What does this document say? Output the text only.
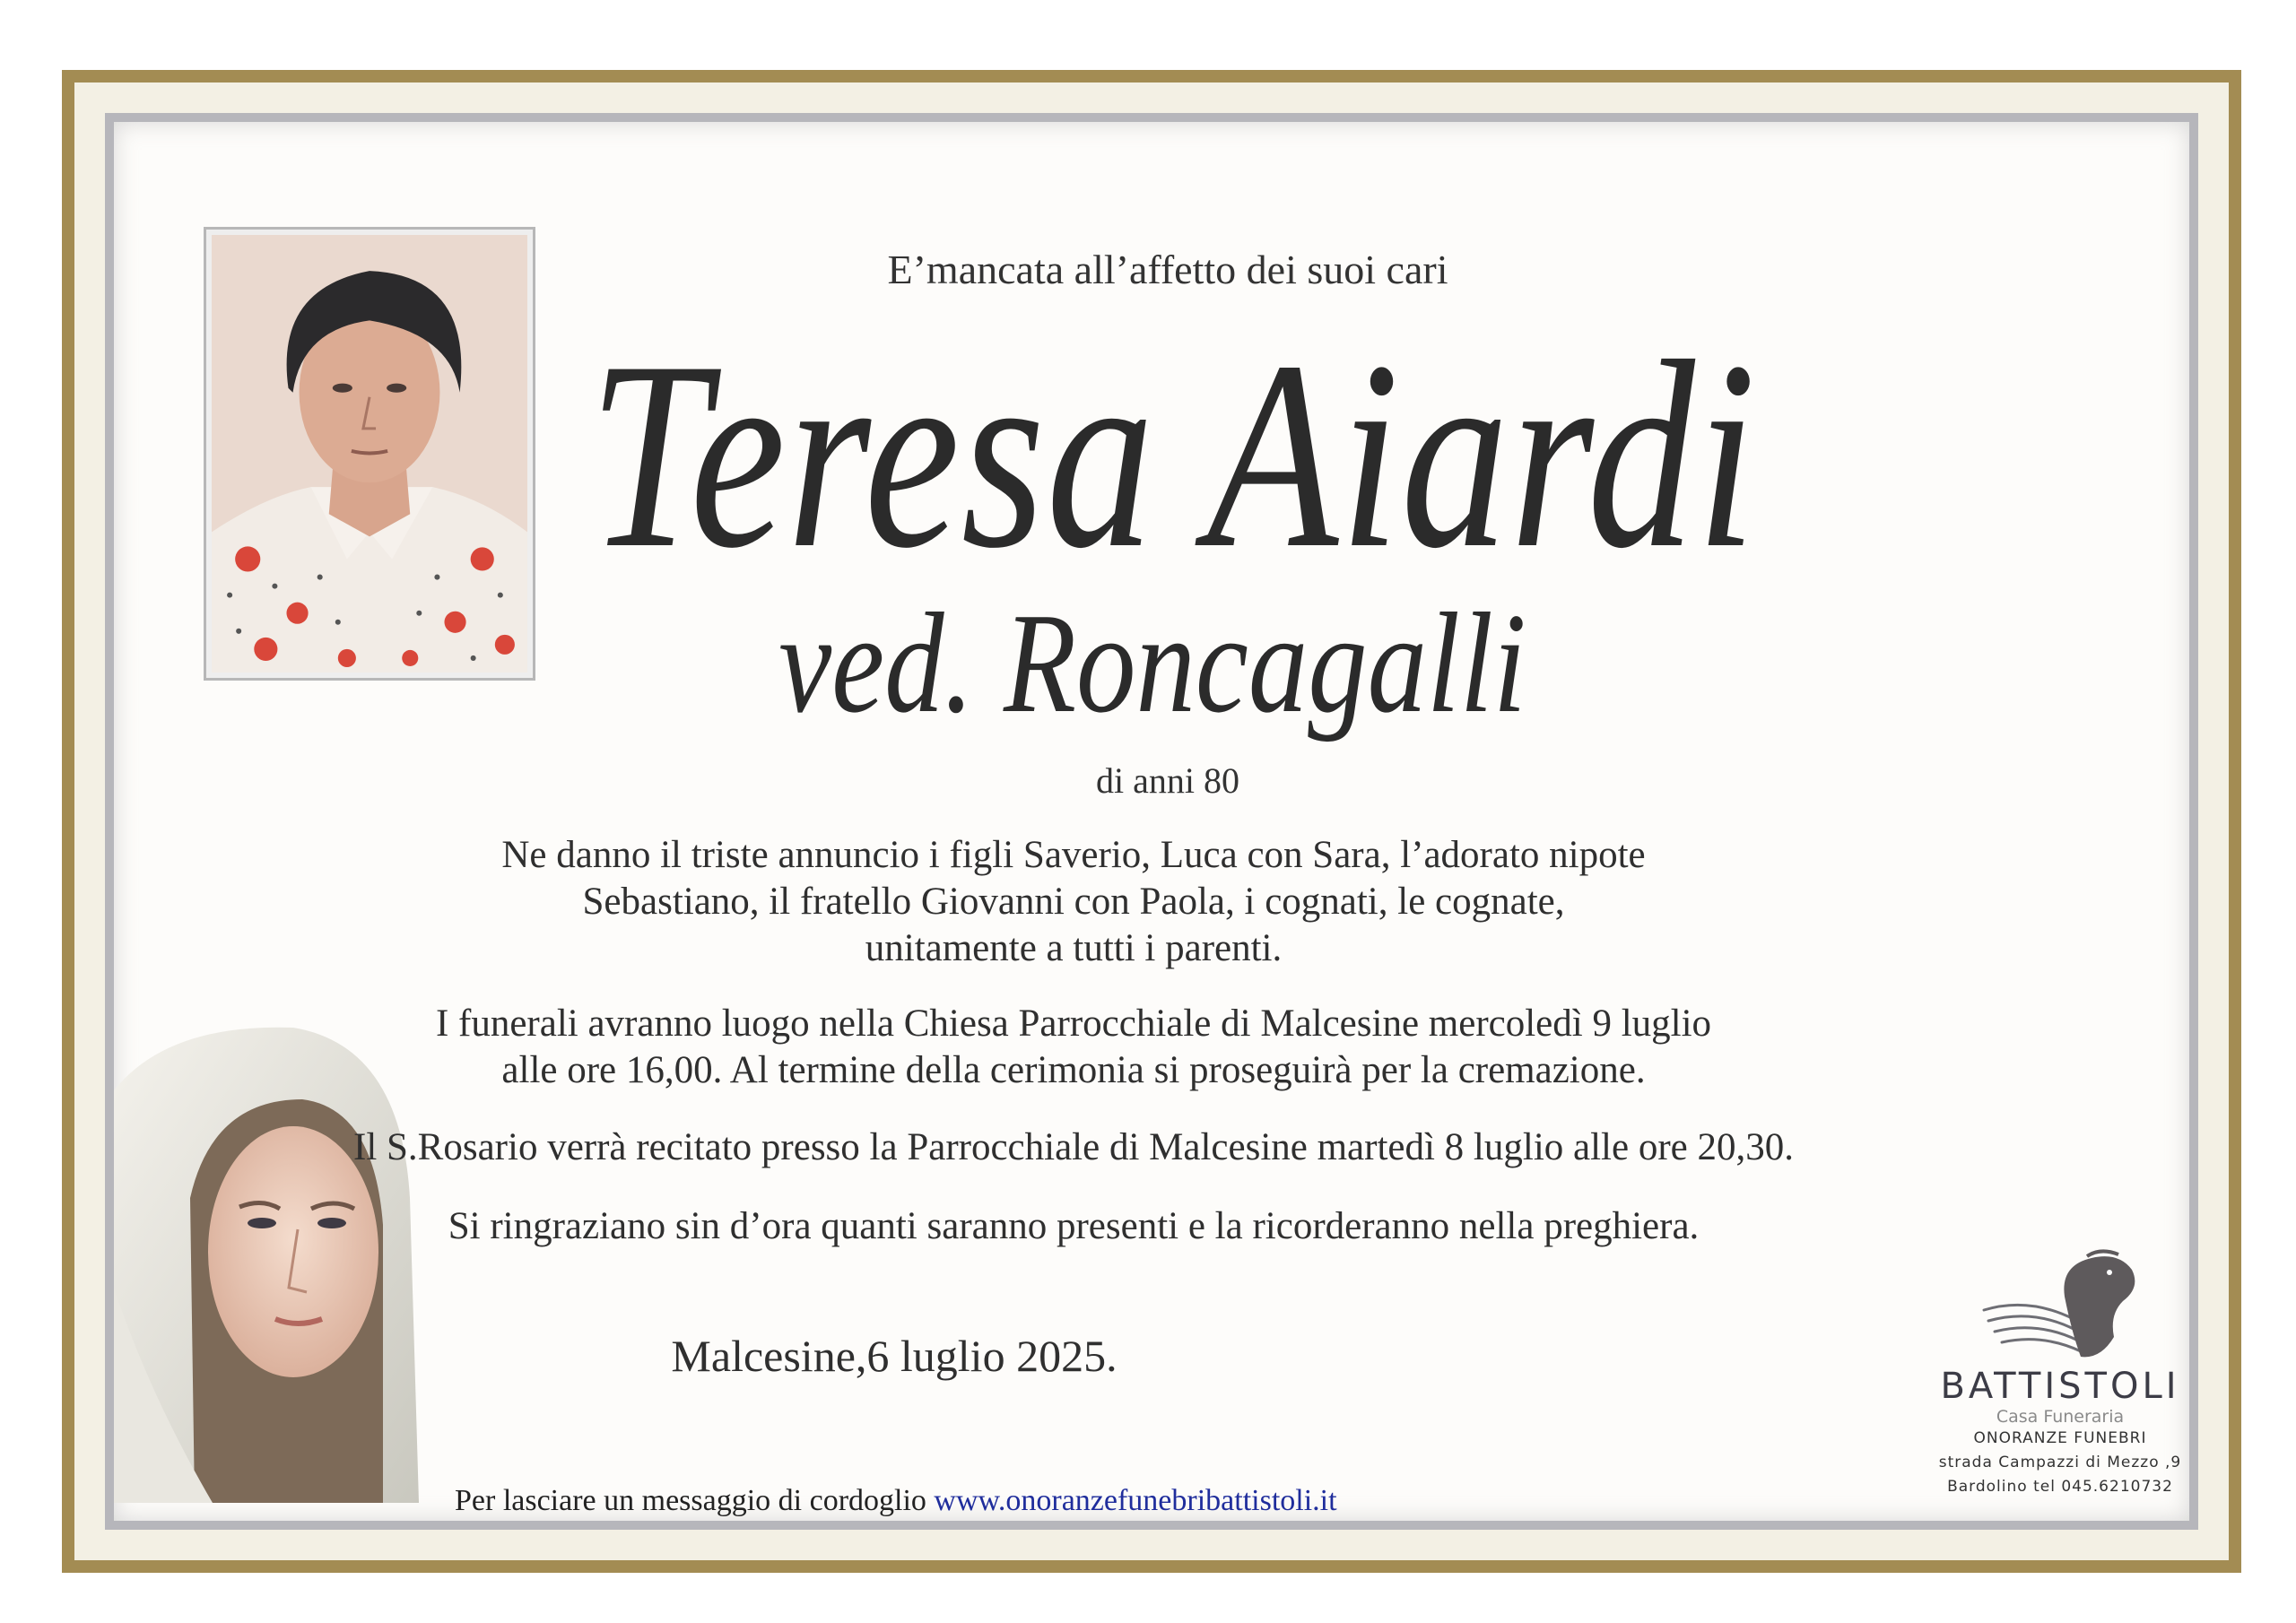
E’mancata all’affetto dei suoi cari
Teresa Aiardi
ved. Roncagalli
di anni 80
Ne danno il triste annuncio i figli Saverio, Luca con Sara, l’adorato nipote
Sebastiano, il fratello Giovanni con Paola, i cognati, le cognate,
unitamente a tutti i parenti.
I funerali avranno luogo nella Chiesa Parrocchiale di Malcesine mercoledì 9 luglio
alle ore 16,00. Al termine della cerimonia si proseguirà per la cremazione.
Il S.Rosario verrà recitato presso la Parrocchiale di Malcesine martedì 8 luglio alle ore 20,30.
Si ringraziano sin d’ora quanti saranno presenti e la ricorderanno nella preghiera.
Malcesine,6 luglio 2025.
Per lasciare un messaggio di cordoglio www.onoranzefunebribattistoli.it
BATTISTOLI
Casa Funeraria
ONORANZE FUNEBRI
strada Campazzi di Mezzo ,9
Bardolino tel 045.6210732
